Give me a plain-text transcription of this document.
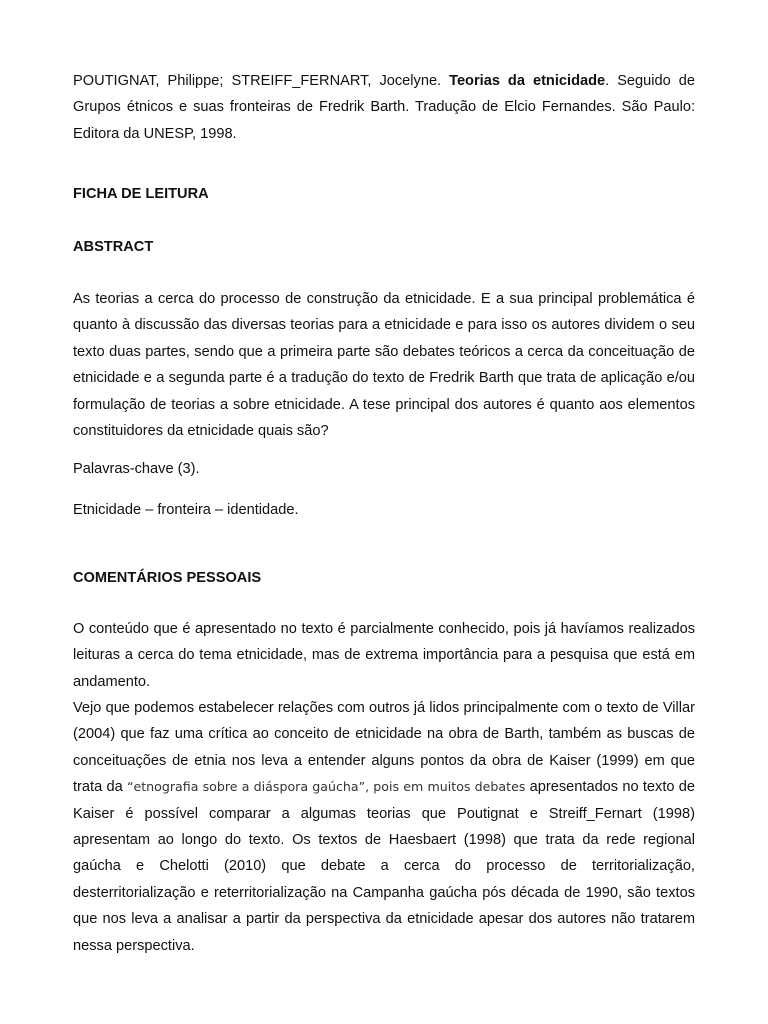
POUTIGNAT, Philippe; STREIFF_FERNART, Jocelyne. Teorias da etnicidade. Seguido de Grupos étnicos e suas fronteiras de Fredrik Barth. Tradução de Elcio Fernandes. São Paulo: Editora da UNESP, 1998.

FICHA DE LEITURA

ABSTRACT

As teorias a cerca do processo de construção da etnicidade. E a sua principal problemática é quanto à discussão das diversas teorias para a etnicidade e para isso os autores dividem o seu texto duas partes, sendo que a primeira parte são debates teóricos a cerca da conceituação de etnicidade e a segunda parte é a tradução do texto de Fredrik Barth que trata de aplicação e/ou formulação de teorias a sobre etnicidade. A tese principal dos autores é quanto aos elementos constituidores da etnicidade quais são?

Palavras-chave (3).

Etnicidade – fronteira – identidade.

COMENTÁRIOS PESSOAIS

O conteúdo que é apresentado no texto é parcialmente conhecido, pois já havíamos realizados leituras a cerca do tema etnicidade, mas de extrema importância para a pesquisa que está em andamento.

Vejo que podemos estabelecer relações com outros já lidos principalmente com o texto de Villar (2004) que faz uma crítica ao conceito de etnicidade na obra de Barth, também as buscas de conceituações de etnia nos leva a entender alguns pontos da obra de Kaiser (1999) em que trata da “etnografia sobre a diáspora gaúcha”, pois em muitos debates apresentados no texto de Kaiser é possível comparar a algumas teorias que Poutignat e Streiff_Fernart (1998) apresentam ao longo do texto. Os textos de Haesbaert (1998) que trata da rede regional gaúcha e Chelotti (2010) que debate a cerca do processo de territorialização, desterritorialização e reterritorialização na Campanha gaúcha pós década de 1990, são textos que nos leva a analisar a partir da perspectiva da etnicidade apesar dos autores não tratarem nessa perspectiva.
